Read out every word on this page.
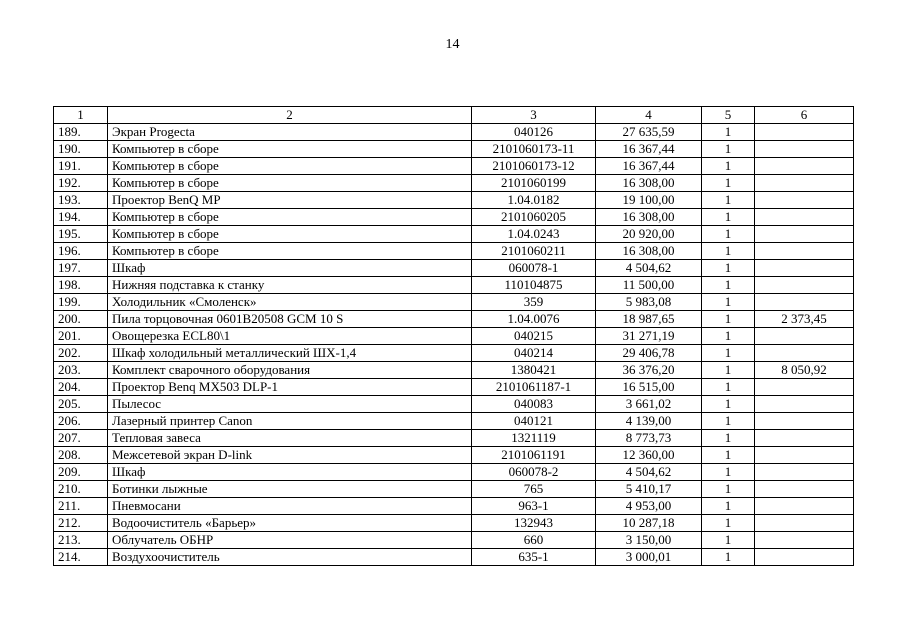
14
1	2	3	4	5	6
189.	Экран Progecta	040126	27 635,59	1	
190.	Компьютер в сборе	2101060173-11	16 367,44	1	
191.	Компьютер в сборе	2101060173-12	16 367,44	1	
192.	Компьютер в сборе	2101060199	16 308,00	1	
193.	Проектор BenQ MP	1.04.0182	19 100,00	1	
194.	Компьютер в сборе	2101060205	16 308,00	1	
195.	Компьютер в сборе	1.04.0243	20 920,00	1	
196.	Компьютер в сборе	2101060211	16 308,00	1	
197.	Шкаф	060078-1	4 504,62	1	
198.	Нижняя подставка к станку	110104875	11 500,00	1	
199.	Холодильник «Смоленск»	359	5 983,08	1	
200.	Пила торцовочная 0601B20508 GCM 10 S	1.04.0076	18 987,65	1	2 373,45
201.	Овощерезка ECL80\1	040215	31 271,19	1	
202.	Шкаф холодильный металлический ШХ-1,4	040214	29 406,78	1	
203.	Комплект сварочного оборудования	1380421	36 376,20	1	8 050,92
204.	Проектор Benq MX503 DLP-1	2101061187-1	16 515,00	1	
205.	Пылесос	040083	3 661,02	1	
206.	Лазерный принтер Canon	040121	4 139,00	1	
207.	Тепловая завеса	1321119	8 773,73	1	
208.	Межсетевой экран D-link	2101061191	12 360,00	1	
209.	Шкаф	060078-2	4 504,62	1	
210.	Ботинки лыжные	765	5 410,17	1	
211.	Пневмосани	963-1	4 953,00	1	
212.	Водоочиститель «Барьер»	132943	10 287,18	1	
213.	Облучатель ОБНР	660	3 150,00	1	
214.	Воздухоочиститель	635-1	3 000,01	1	
